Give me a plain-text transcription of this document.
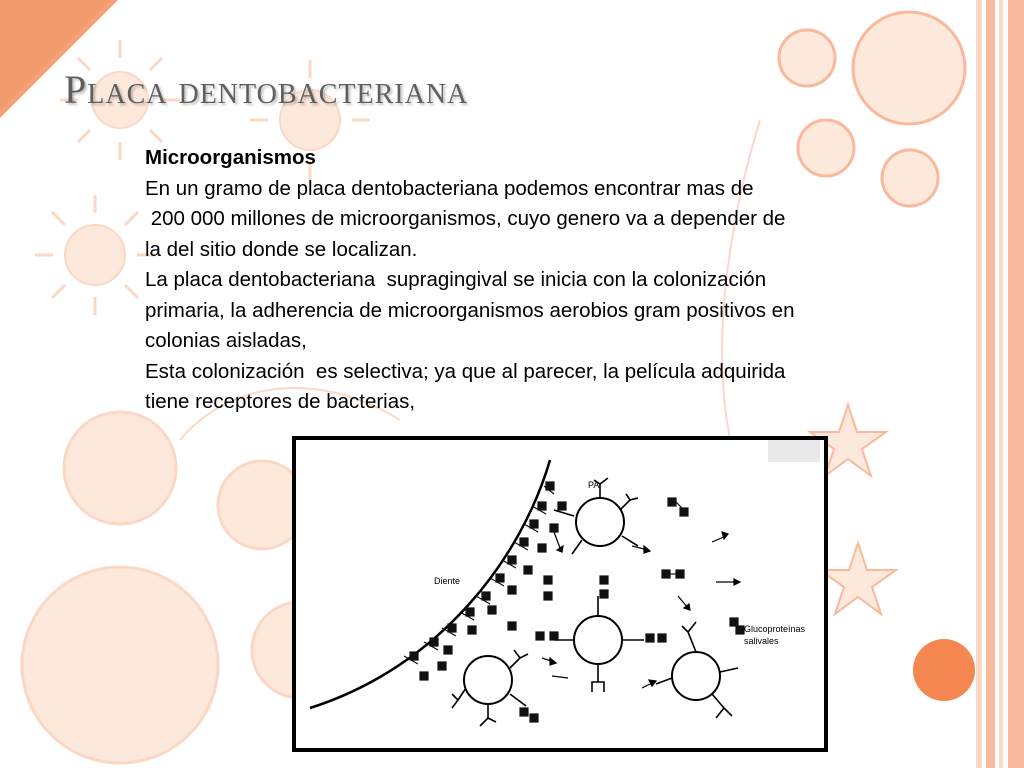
Placa dentobacteriana

Microorganismos

En un gramo de placa dentobacteriana podemos encontrar mas de

200 000 millones de microorganismos, cuyo genero va a depender de

la del sitio donde se localizan.

La placa dentobacteriana  supragingival se inicia con la colonización

primaria, la adherencia de microorganismos aerobios gram positivos en

colonias aisladas,

Esta colonización  es selectiva; ya que al parecer, la película adquirida

tiene receptores de bacterias,

Diente
PA
Glucoproteínas
salivales
